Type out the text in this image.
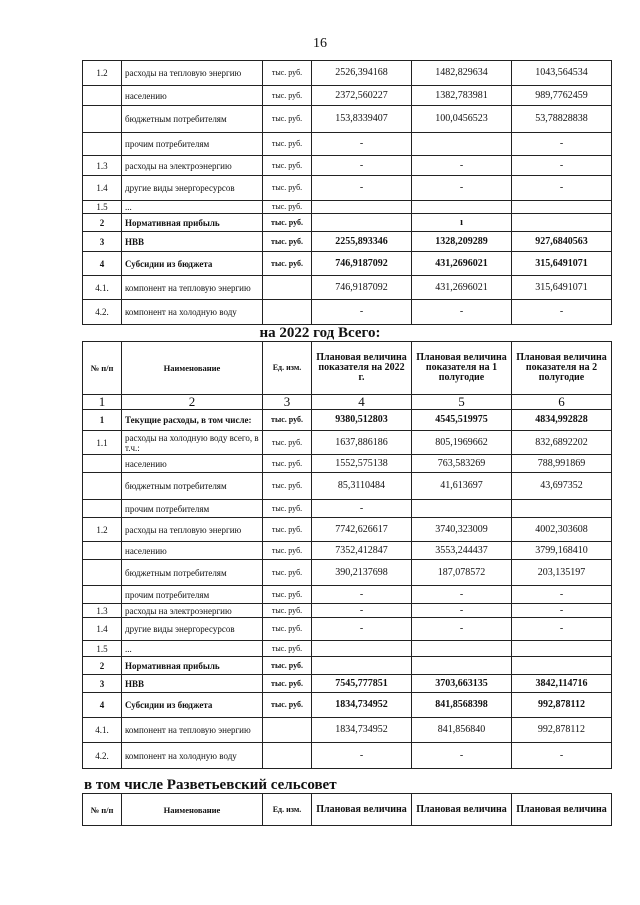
16
1.2	расходы на тепловую энергию	тыс. руб.	2526,394168	1482,829634	1043,564534
	населению	тыс. руб.	2372,560227	1382,783981	989,7762459
	бюджетным потребителям	тыс. руб.	153,8339407	100,0456523	53,78828838
	прочим потребителям	тыс. руб.	-		-
1.3	расходы на электроэнергию	тыс. руб.	-	-	-
1.4	другие виды энергоресурсов	тыс. руб.	-	-	-
1.5	...	тыс. руб.			
2	Нормативная прибыль	тыс. руб.		ı	
3	НВВ	тыс. руб.	2255,893346	1328,209289	927,6840563
4	Субсидии из бюджета	тыс. руб.	746,9187092	431,2696021	315,6491071
4.1.	компонент на тепловую энергию		746,9187092	431,2696021	315,6491071
4.2.	компонент на холодную воду		-	-	-
на 2022 год Всего:
№ п/п	Наименование	Ед. изм.	Плановая величина показателя на 2022 г.	Плановая величина показателя на 1 полугодие	Плановая величина показателя на 2 полугодие
1	2	3	4	5	6
1	Текущие расходы, в том числе:	тыс. руб.	9380,512803	4545,519975	4834,992828
1.1	расходы на холодную воду всего, в т.ч.:	тыс. руб.	1637,886186	805,1969662	832,6892202
	населению	тыс. руб.	1552,575138	763,583269	788,991869
	бюджетным потребителям	тыс. руб.	85,3110484	41,613697	43,697352
	прочим потребителям	тыс. руб.	-		
1.2	расходы на тепловую энергию	тыс. руб.	7742,626617	3740,323009	4002,303608
	населению	тыс. руб.	7352,412847	3553,244437	3799,168410
	бюджетным потребителям	тыс. руб.	390,2137698	187,078572	203,135197
	прочим потребителям	тыс. руб.	-	-	-
1.3	расходы на электроэнергию	тыс. руб.	-	-	-
1.4	другие виды энергоресурсов	тыс. руб.	-	-	-
1.5	...	тыс. руб.			
2	Нормативная прибыль	тыс. руб.			
3	НВВ	тыс. руб.	7545,777851	3703,663135	3842,114716
4	Субсидии из бюджета	тыс. руб.	1834,734952	841,8568398	992,878112
4.1.	компонент на тепловую энергию		1834,734952	841,856840	992,878112
4.2.	компонент на холодную воду		-	-	-
в том числе Разветьевский сельсовет
№ п/п	Наименование	Ед. изм.	Плановая величина	Плановая величина	Плановая величина
